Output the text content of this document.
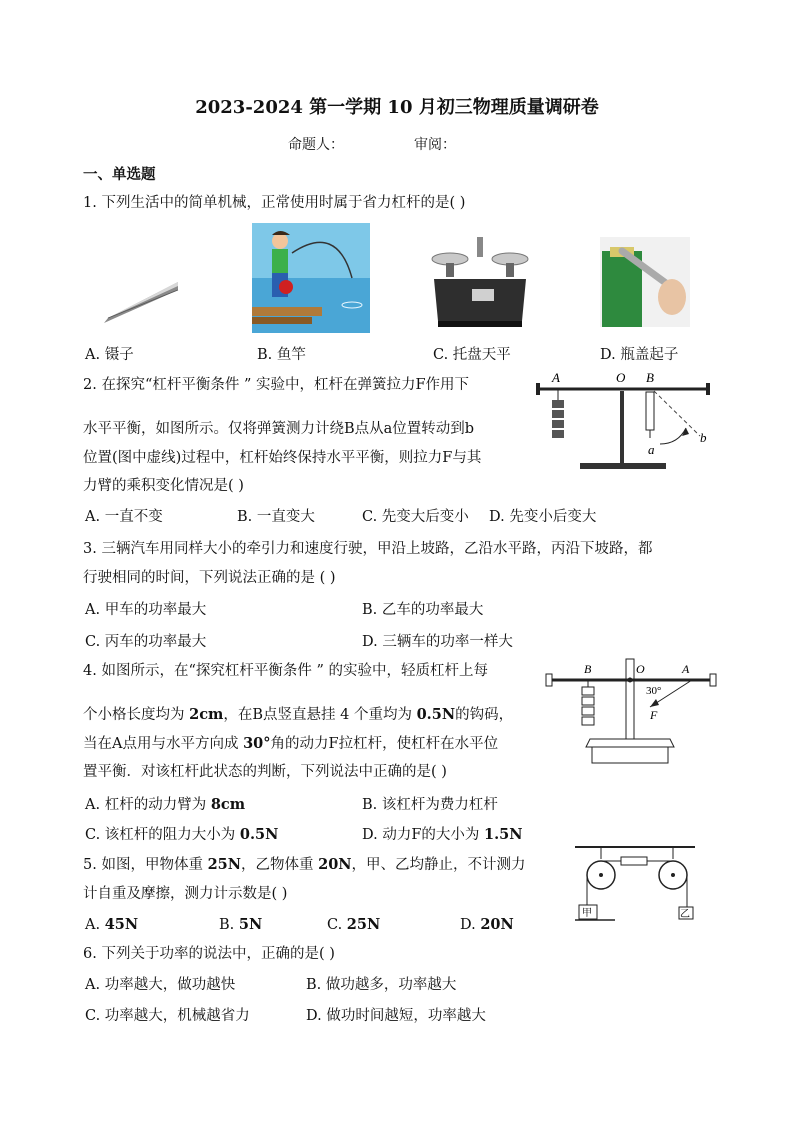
2023-2024 第一学期 10 月初三物理质量调研卷
命题人：	审阅：
一、单选题
1. 下列生活中的简单机械，正常使用时属于省力杠杆的是( )
A. 镊子	B. 鱼竿	C. 托盘天平	D. 瓶盖起子
2. 在探究“杠杆平衡条件 ” 实验中，杠杆在弹簧拉力F作用下
水平平衡，如图所示。仅将弹簧测力计绕B点从a位置转动到b
位置(图中虚线)过程中，杠杆始终保持水平平衡，则拉力F与其
力臂的乘积变化情况是( )
A	O B
a
b
A. 一直不变	B. 一直变大	C. 先变大后变小 D. 先变小后变大
3. 三辆汽车用同样大小的牵引力和速度行驶，甲沿上坡路，乙沿水平路，丙沿下坡路，都
行驶相同的时间，下列说法正确的是 ( )
A. 甲车的功率最大	B. 乙车的功率最大
C. 丙车的功率最大	D. 三辆车的功率一样大
4. 如图所示，在“探究杠杆平衡条件 ” 的实验中，轻质杠杆上每
个小格长度均为 2cm，在B点竖直悬挂 4 个重均为 0.5N的钩码，
当在A点用与水平方向成 30°角的动力F拉杠杆，使杠杆在水平位
置平衡．对该杠杆此状态的判断，下列说法中正确的是( )
B	O	A
30°
F
A. 杠杆的动力臂为 8cm	B. 该杠杆为费力杠杆
C. 该杠杆的阻力大小为 0.5N	D. 动力F的大小为 1.5N
5. 如图，甲物体重 25N，乙物体重 20N，甲、乙均静止，不计测力
计自重及摩擦，测力计示数是( )
甲	乙
A. 45N	B. 5N	C. 25N	D. 20N
6. 下列关于功率的说法中，正确的是( )
A. 功率越大，做功越快	B. 做功越多，功率越大
C. 功率越大，机械越省力	D. 做功时间越短，功率越大
